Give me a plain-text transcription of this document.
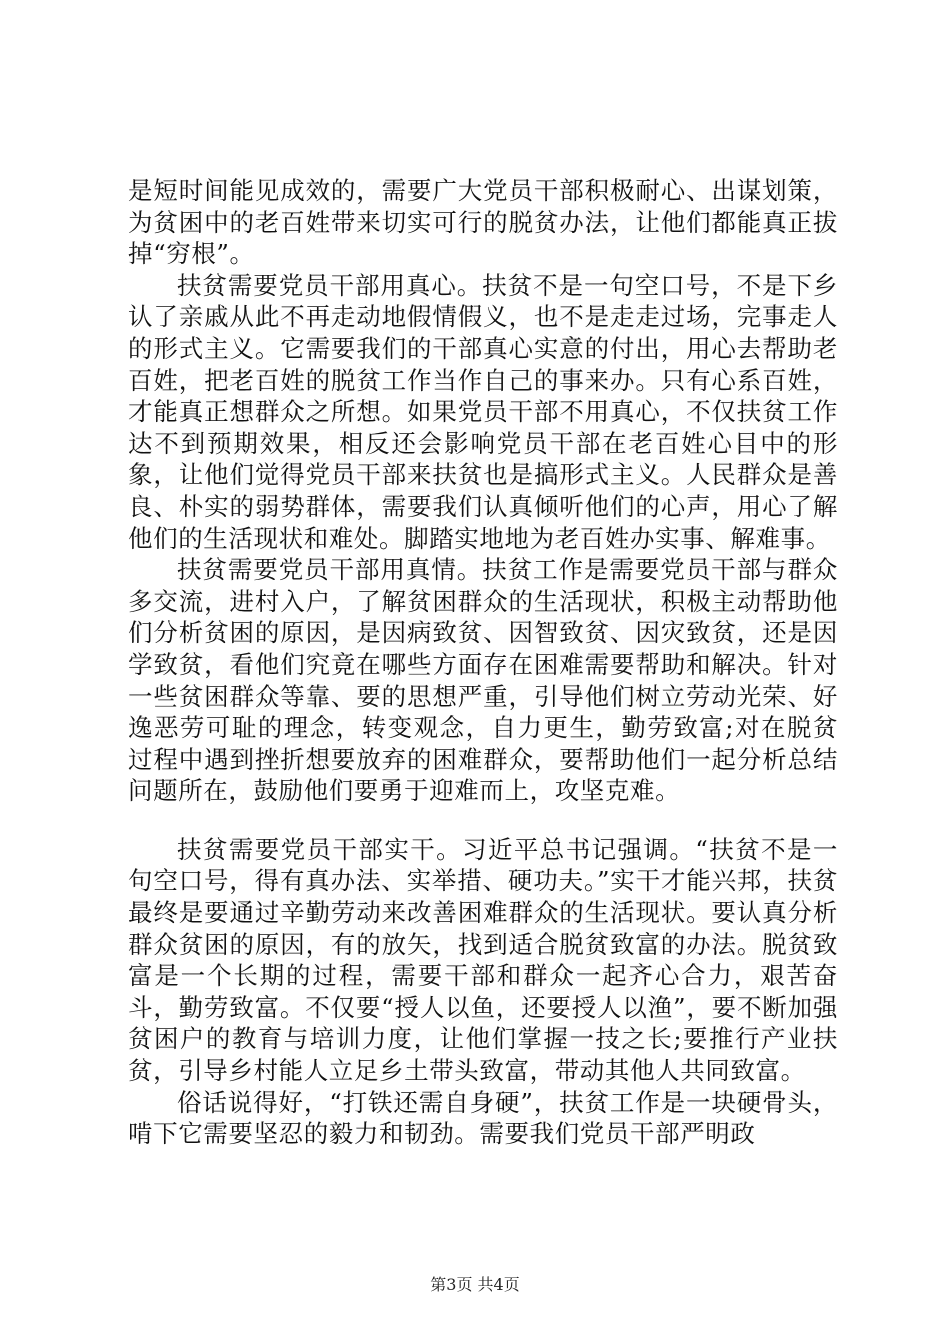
是短时间能见成效的，需要广大党员干部积极耐心、出谋划策，为贫困中的老百姓带来切实可行的脱贫办法，让他们都能真正拔掉“穷根”。

扶贫需要党员干部用真心。扶贫不是一句空口号，不是下乡认了亲戚从此不再走动地假情假义，也不是走走过场，完事走人的形式主义。它需要我们的干部真心实意的付出，用心去帮助老百姓，把老百姓的脱贫工作当作自己的事来办。只有心系百姓，才能真正想群众之所想。如果党员干部不用真心，不仅扶贫工作达不到预期效果，相反还会影响党员干部在老百姓心目中的形象，让他们觉得党员干部来扶贫也是搞形式主义。人民群众是善良、朴实的弱势群体，需要我们认真倾听他们的心声，用心了解他们的生活现状和难处。脚踏实地地为老百姓办实事、解难事。

扶贫需要党员干部用真情。扶贫工作是需要党员干部与群众多交流，进村入户，了解贫困群众的生活现状，积极主动帮助他们分析贫困的原因，是因病致贫、因智致贫、因灾致贫，还是因学致贫，看他们究竟在哪些方面存在困难需要帮助和解决。针对一些贫困群众等靠、要的思想严重，引导他们树立劳动光荣、好逸恶劳可耻的理念，转变观念，自力更生，勤劳致富;对在脱贫过程中遇到挫折想要放弃的困难群众，要帮助他们一起分析总结问题所在，鼓励他们要勇于迎难而上，攻坚克难。

扶贫需要党员干部实干。习近平总书记强调。“扶贫不是一句空口号，得有真办法、实举措、硬功夫。”实干才能兴邦，扶贫最终是要通过辛勤劳动来改善困难群众的生活现状。要认真分析群众贫困的原因，有的放矢，找到适合脱贫致富的办法。脱贫致富是一个长期的过程，需要干部和群众一起齐心合力，艰苦奋斗，勤劳致富。不仅要“授人以鱼，还要授人以渔”，要不断加强贫困户的教育与培训力度，让他们掌握一技之长;要推行产业扶贫，引导乡村能人立足乡土带头致富，带动其他人共同致富。

俗话说得好，“打铁还需自身硬”，扶贫工作是一块硬骨头，啃下它需要坚忍的毅力和韧劲。需要我们党员干部严明政

第3页 共4页
